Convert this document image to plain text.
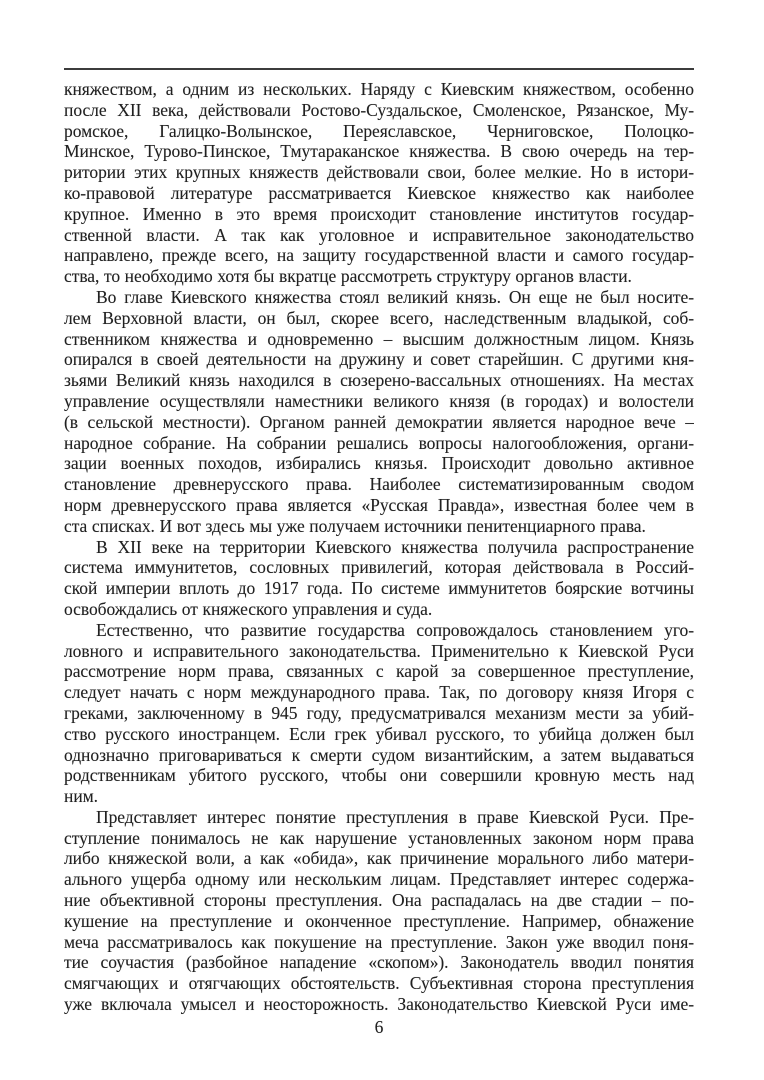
княжеством, а одним из нескольких. Наряду с Киевским княжеством, особенно
после XII века, действовали Ростово-Суздальское, Смоленское, Рязанское, Му-
ромское, Галицко-Волынское, Переяславское, Черниговское, Полоцко-
Минское, Турово-Пинское, Тмутараканское княжества. В свою очередь на тер-
ритории этих крупных княжеств действовали свои, более мелкие. Но в истори-
ко-правовой литературе рассматривается Киевское княжество как наиболее
крупное. Именно в это время происходит становление институтов государ-
ственной власти. А так как уголовное и исправительное законодательство
направлено, прежде всего, на защиту государственной власти и самого государ-
ства, то необходимо хотя бы вкратце рассмотреть структуру органов власти.
Во главе Киевского княжества стоял великий князь. Он еще не был носите-
лем Верховной власти, он был, скорее всего, наследственным владыкой, соб-
ственником княжества и одновременно – высшим должностным лицом. Князь
опирался в своей деятельности на дружину и совет старейшин. С другими кня-
зьями Великий князь находился в сюзерено-вассальных отношениях. На местах
управление осуществляли наместники великого князя (в городах) и волостели
(в сельской местности). Органом ранней демократии является народное вече –
народное собрание. На собрании решались вопросы налогообложения, органи-
зации военных походов, избирались князья. Происходит довольно активное
становление древнерусского права. Наиболее систематизированным сводом
норм древнерусского права является «Русская Правда», известная более чем в
ста списках. И вот здесь мы уже получаем источники пенитенциарного права.
В XII веке на территории Киевского княжества получила распространение
система иммунитетов, сословных привилегий, которая действовала в Россий-
ской империи вплоть до 1917 года. По системе иммунитетов боярские вотчины
освобождались от княжеского управления и суда.
Естественно, что развитие государства сопровождалось становлением уго-
ловного и исправительного законодательства. Применительно к Киевской Руси
рассмотрение норм права, связанных с карой за совершенное преступление,
следует начать с норм международного права. Так, по договору князя Игоря с
греками, заключенному в 945 году, предусматривался механизм мести за убий-
ство русского иностранцем. Если грек убивал русского, то убийца должен был
однозначно приговариваться к смерти судом византийским, а затем выдаваться
родственникам убитого русского, чтобы они совершили кровную месть над
ним.
Представляет интерес понятие преступления в праве Киевской Руси. Пре-
ступление понималось не как нарушение установленных законом норм права
либо княжеской воли, а как «обида», как причинение морального либо матери-
ального ущерба одному или нескольким лицам. Представляет интерес содержа-
ние объективной стороны преступления. Она распадалась на две стадии – по-
кушение на преступление и оконченное преступление. Например, обнажение
меча рассматривалось как покушение на преступление. Закон уже вводил поня-
тие соучастия (разбойное нападение «скопом»). Законодатель вводил понятия
смягчающих и отягчающих обстоятельств. Субъективная сторона преступления
уже включала умысел и неосторожность. Законодательство Киевской Руси име-
6
